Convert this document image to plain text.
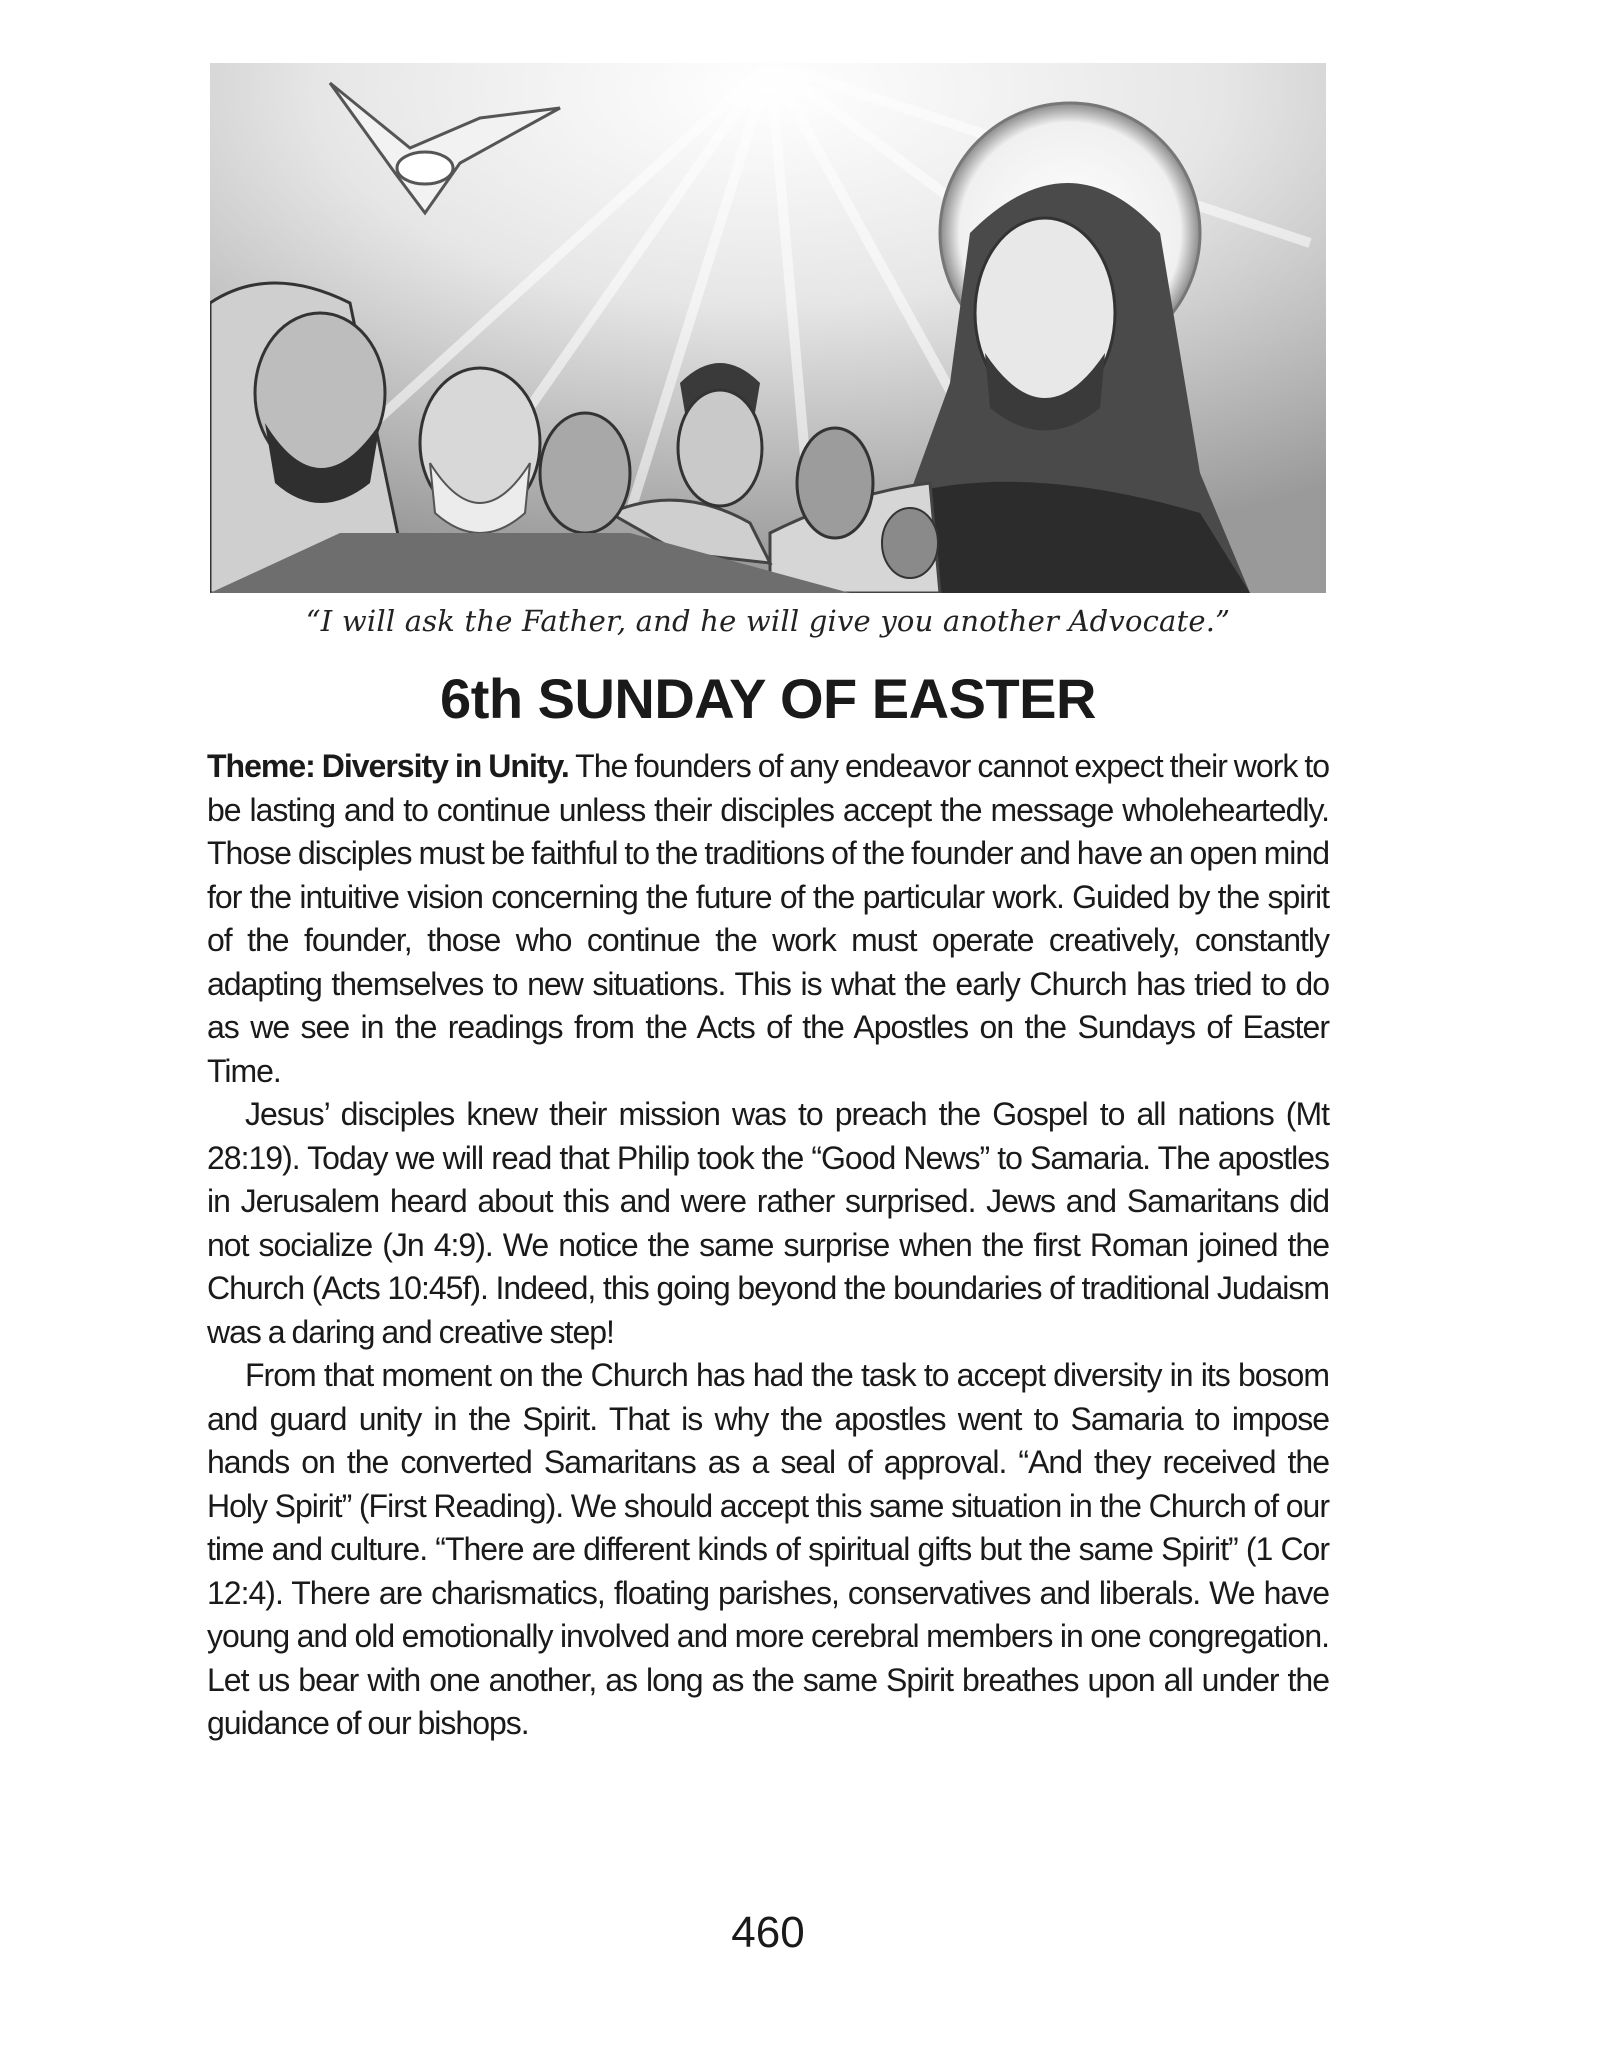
“I will ask the Father, and he will give you another Advocate.”
6th SUNDAY OF EASTER

Theme: Diversity in Unity. The founders of any endeavor cannot expect their work to be lasting and to continue unless their disciples accept the message wholeheartedly. Those disciples must be faithful to the traditions of the founder and have an open mind for the intuitive vision concerning the future of the particular work. Guided by the spirit of the founder, those who continue the work must operate creatively, constantly adapting themselves to new situations. This is what the early Church has tried to do as we see in the readings from the Acts of the Apostles on the Sundays of Easter Time.

Jesus’ disciples knew their mission was to preach the Gospel to all nations (Mt 28:19). Today we will read that Philip took the “Good News” to Samaria. The apostles in Jerusalem heard about this and were rather surprised. Jews and Samaritans did not socialize (Jn 4:9). We notice the same surprise when the first Roman joined the Church (Acts 10:45f). Indeed, this going beyond the boundaries of traditional Judaism was a daring and creative step!

From that moment on the Church has had the task to accept diversity in its bosom and guard unity in the Spirit. That is why the apostles went to Samaria to impose hands on the converted Samaritans as a seal of approval. “And they received the Holy Spirit” (First Reading). We should accept this same situation in the Church of our time and culture. “There are different kinds of spiritual gifts but the same Spirit” (1 Cor 12:4). There are charismatics, floating parishes, conservatives and liberals. We have young and old emotionally involved and more cerebral members in one congregation. Let us bear with one another, as long as the same Spirit breathes upon all under the guidance of our bishops.

460
